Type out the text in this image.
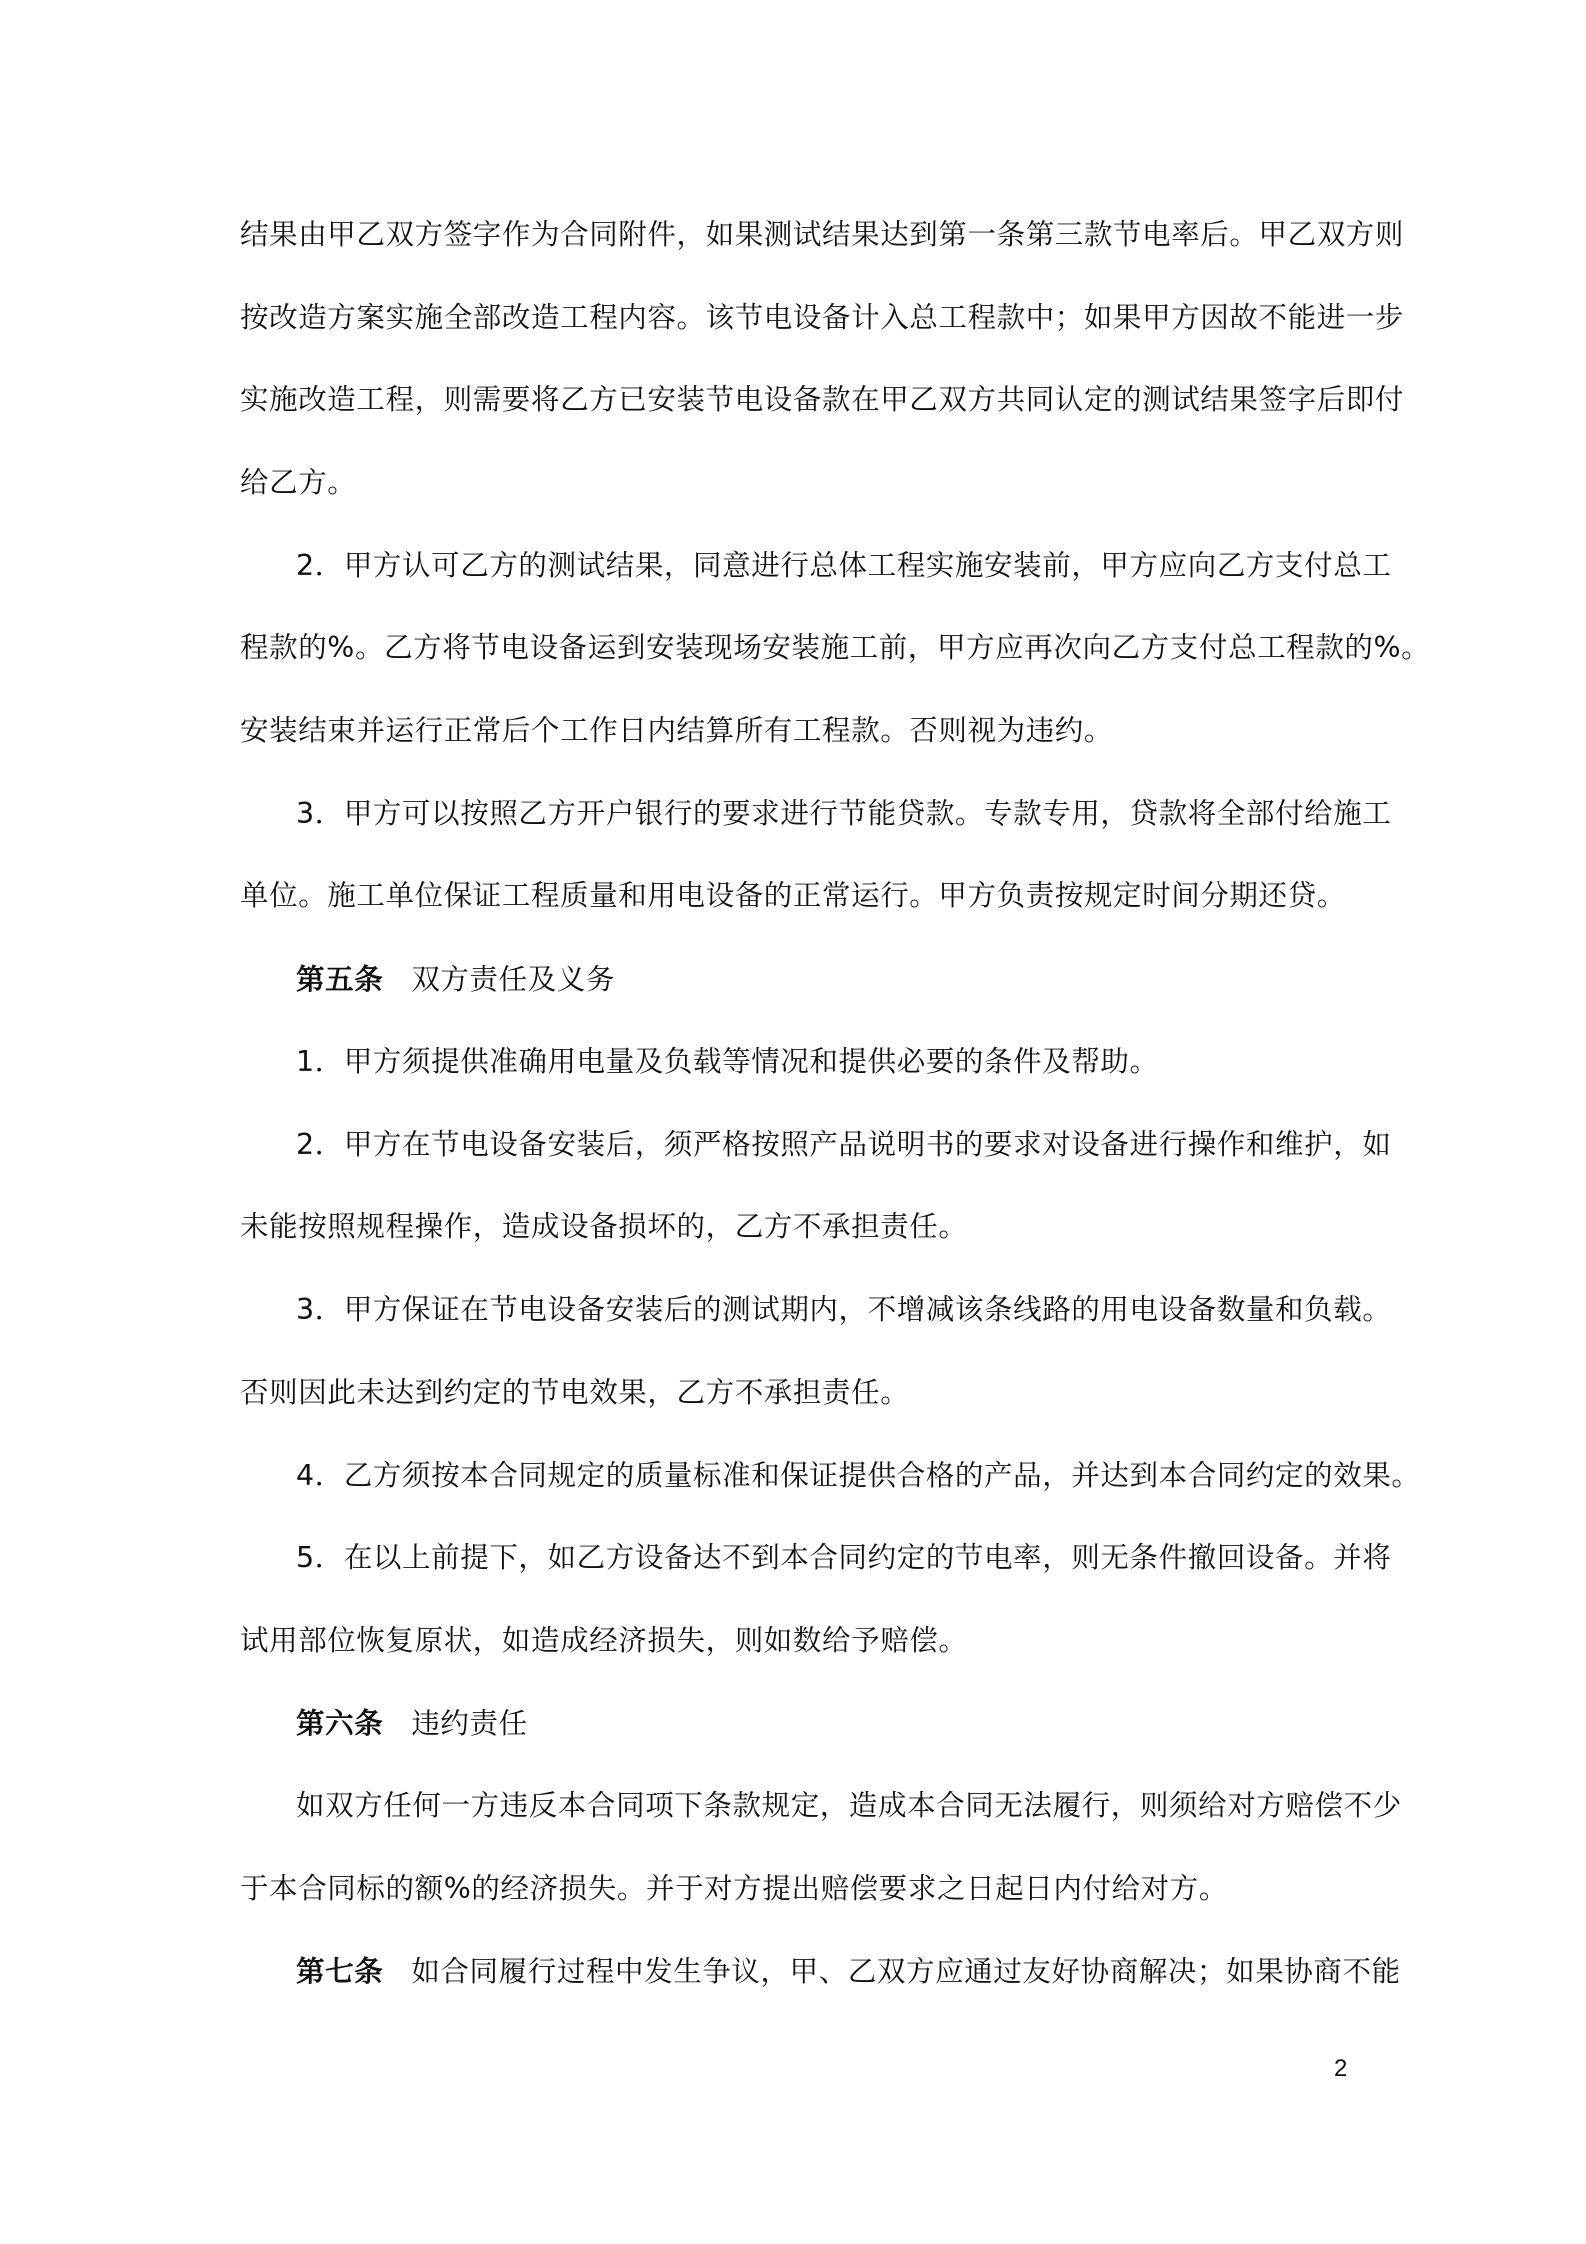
结果由甲乙双方签字作为合同附件，如果测试结果达到第一条第三款节电率后。甲乙双方则
按改造方案实施全部改造工程内容。该节电设备计入总工程款中；如果甲方因故不能进一步
实施改造工程，则需要将乙方已安装节电设备款在甲乙双方共同认定的测试结果签字后即付
给乙方。
2．甲方认可乙方的测试结果，同意进行总体工程实施安装前，甲方应向乙方支付总工
程款的%。乙方将节电设备运到安装现场安装施工前，甲方应再次向乙方支付总工程款的%。
安装结束并运行正常后个工作日内结算所有工程款。否则视为违约。
3．甲方可以按照乙方开户银行的要求进行节能贷款。专款专用，贷款将全部付给施工
单位。施工单位保证工程质量和用电设备的正常运行。甲方负责按规定时间分期还贷。
第五条 双方责任及义务
1．甲方须提供准确用电量及负载等情况和提供必要的条件及帮助。
2．甲方在节电设备安装后，须严格按照产品说明书的要求对设备进行操作和维护，如
未能按照规程操作，造成设备损坏的，乙方不承担责任。
3．甲方保证在节电设备安装后的测试期内，不增减该条线路的用电设备数量和负载。
否则因此未达到约定的节电效果，乙方不承担责任。
4．乙方须按本合同规定的质量标准和保证提供合格的产品，并达到本合同约定的效果。
5．在以上前提下，如乙方设备达不到本合同约定的节电率，则无条件撤回设备。并将
试用部位恢复原状，如造成经济损失，则如数给予赔偿。
第六条 违约责任
如双方任何一方违反本合同项下条款规定，造成本合同无法履行，则须给对方赔偿不少
于本合同标的额%的经济损失。并于对方提出赔偿要求之日起日内付给对方。
第七条 如合同履行过程中发生争议，甲、乙双方应通过友好协商解决；如果协商不能
2
